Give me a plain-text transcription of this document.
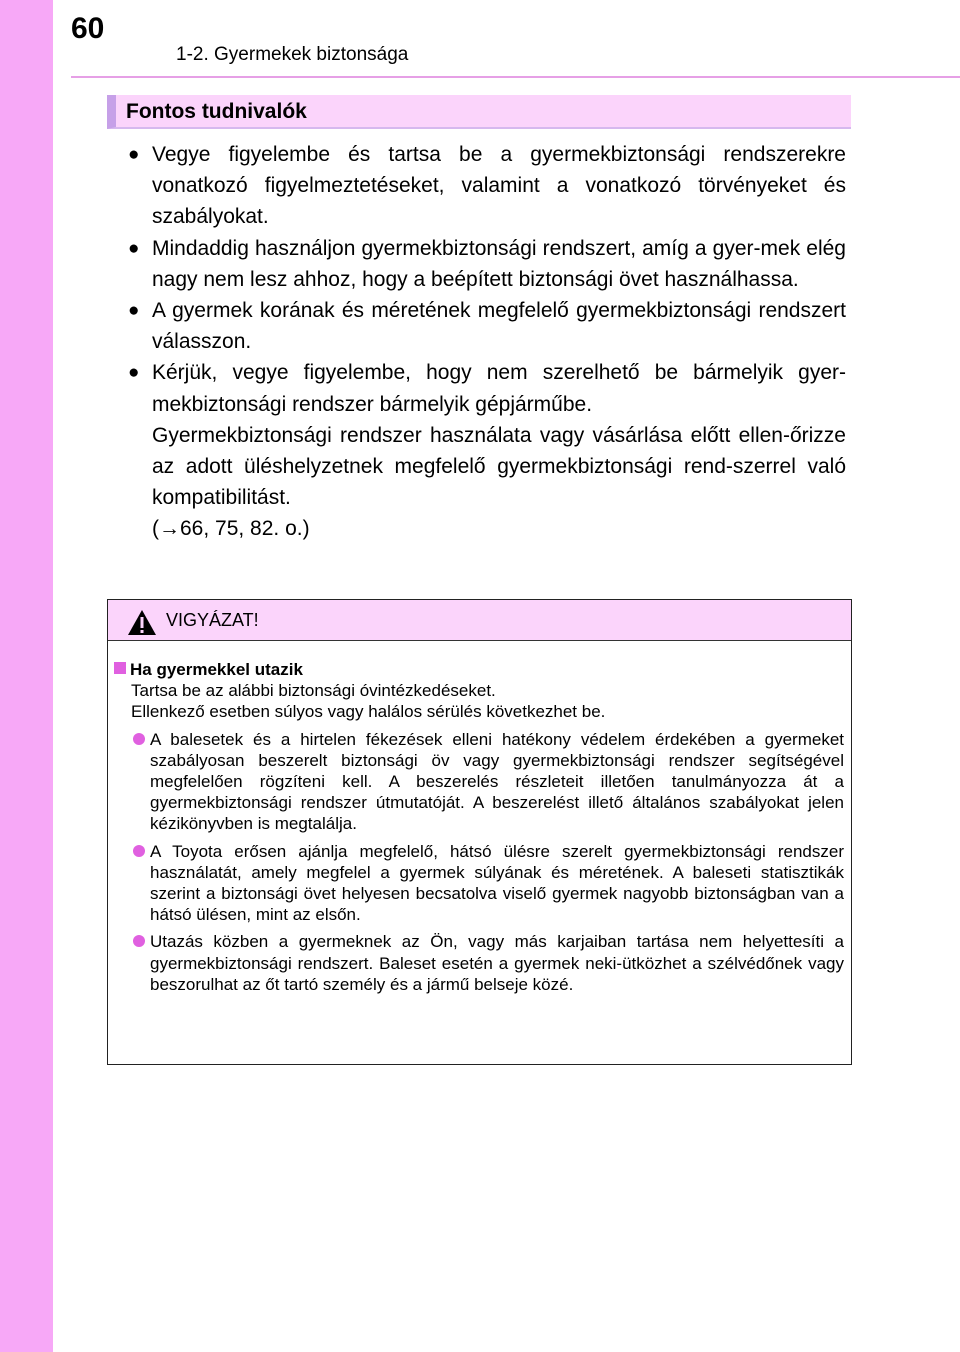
60
1-2. Gyermekek biztonsága
Fontos tudnivalók
● Vegye figyelembe és tartsa be a gyermekbiztonsági rendszerekre vonatkozó figyelmeztetéseket, valamint a vonatkozó törvényeket és szabályokat.
● Mindaddig használjon gyermekbiztonsági rendszert, amíg a gyer-mek elég nagy nem lesz ahhoz, hogy a beépített biztonsági övet használhassa.
● A gyermek korának és méretének megfelelő gyermekbiztonsági rendszert válasszon.
● Kérjük, vegye figyelembe, hogy nem szerelhető be bármelyik gyer-mekbiztonsági rendszer bármelyik gépjárműbe.

Gyermekbiztonsági rendszer használata vagy vásárlása előtt ellen-őrizze az adott üléshelyzetnek megfelelő gyermekbiztonsági rend-szerrel való kompatibilitást.

(→66, 75, 82. o.)

VIGYÁZAT!
Ha gyermekkel utazik
Tartsa be az alábbi biztonsági óvintézkedéseket.
Ellenkező esetben súlyos vagy halálos sérülés következhet be.
A balesetek és a hirtelen fékezések elleni hatékony védelem érdekében a gyermeket szabályosan beszerelt biztonsági öv vagy gyermekbiztonsági rendszer segítségével megfelelően rögzíteni kell. A beszerelés részleteit illetően tanulmányozza át a gyermekbiztonsági rendszer útmutatóját. A beszerelést illető általános szabályokat jelen kézikönyvben is megtalálja.
A Toyota erősen ajánlja megfelelő, hátsó ülésre szerelt gyermekbiztonsági rendszer használatát, amely megfelel a gyermek súlyának és méretének. A baleseti statisztikák szerint a biztonsági övet helyesen becsatolva viselő gyermek nagyobb biztonságban van a hátsó ülésen, mint az elsőn.
Utazás közben a gyermeknek az Ön, vagy más karjaiban tartása nem helyettesíti a gyermekbiztonsági rendszert. Baleset esetén a gyermek neki-ütközhet a szélvédőnek vagy beszorulhat az őt tartó személy és a jármű belseje közé.
